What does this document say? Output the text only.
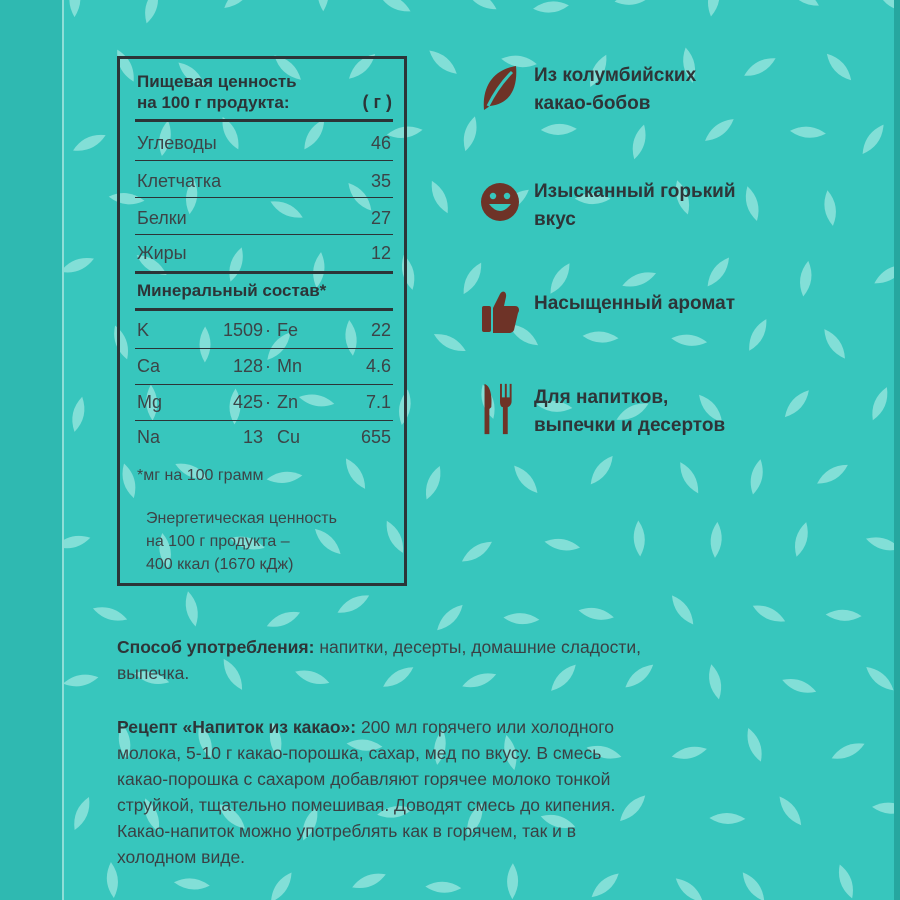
Пищевая ценность
на 100 г продукта:	( г )
Углеводы	46
Клетчатка	35
Белки	27
Жиры	12
Минеральный состав*
K	1509 · Fe	22
Ca	128 · Mn	4.6
Mg	425 · Zn	7.1
Na	13 Cu	655
*мг на 100 грамм
Энергетическая ценность
на 100 г продукта –
400 ккал (1670 кДж)
Из колумбийских
какао-бобов
Изысканный горький
вкус
Насыщенный аромат
Для напитков,
выпечки и десертов
Способ употребления: напитки, десерты, домашние сладости,
выпечка.
Рецепт «Напиток из какао»: 200 мл горячего или холодного
молока, 5-10 г какао-порошка, сахар, мед по вкусу. В смесь
какао-порошка с сахаром добавляют горячее молоко тонкой
струйкой, тщательно помешивая. Доводят смесь до кипения.
Какао-напиток можно употреблять как в горячем, так и в
холодном виде.
